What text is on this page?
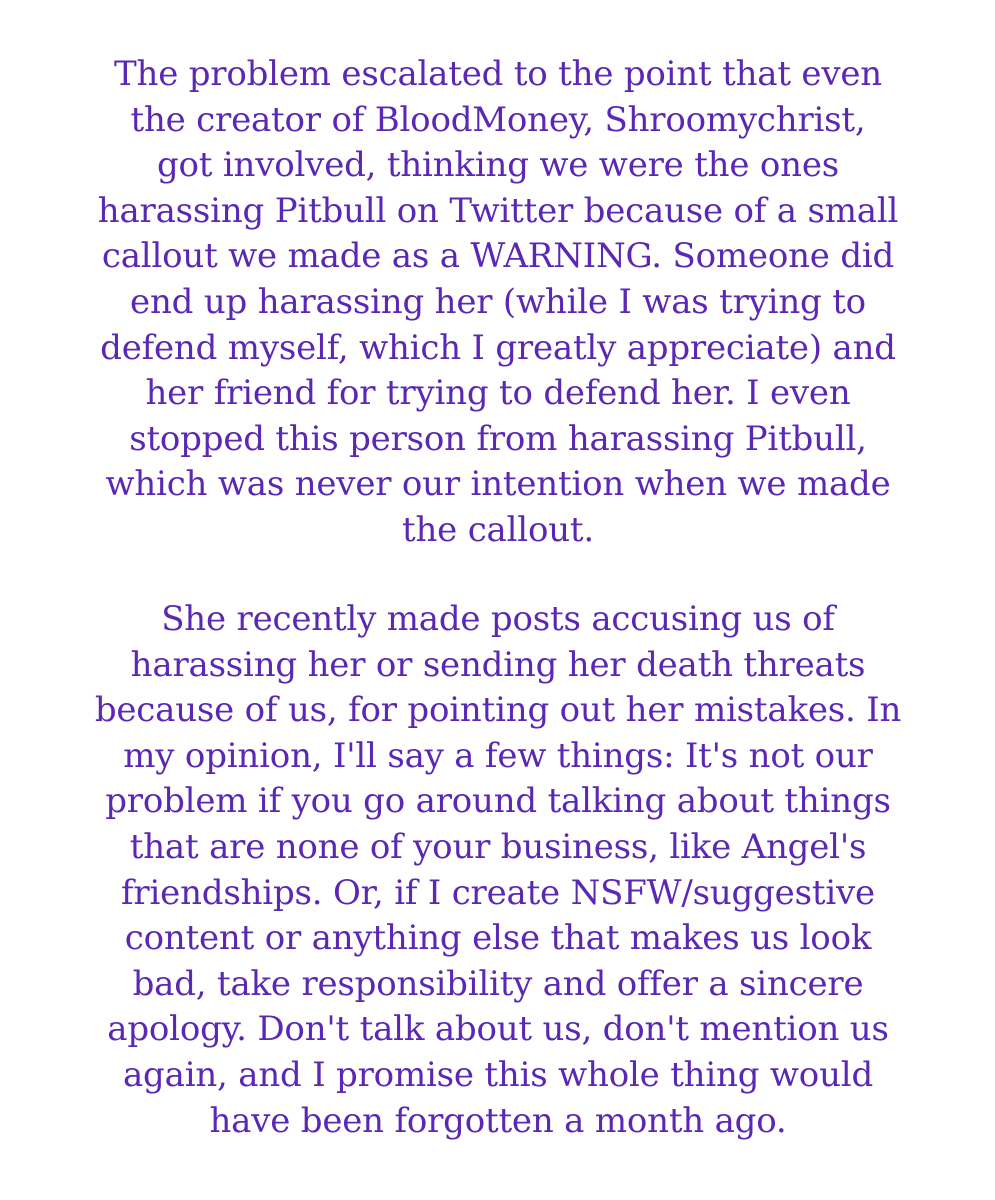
The problem escalated to the point that even
the creator of BloodMoney, Shroomychrist,
got involved, thinking we were the ones
harassing Pitbull on Twitter because of a small
callout we made as a WARNING. Someone did
end up harassing her (while I was trying to
defend myself, which I greatly appreciate) and
her friend for trying to defend her. I even
stopped this person from harassing Pitbull,
which was never our intention when we made
the callout.
She recently made posts accusing us of
harassing her or sending her death threats
because of us, for pointing out her mistakes. In
my opinion, I'll say a few things: It's not our
problem if you go around talking about things
that are none of your business, like Angel's
friendships. Or, if I create NSFW/suggestive
content or anything else that makes us look
bad, take responsibility and offer a sincere
apology. Don't talk about us, don't mention us
again, and I promise this whole thing would
have been forgotten a month ago.
